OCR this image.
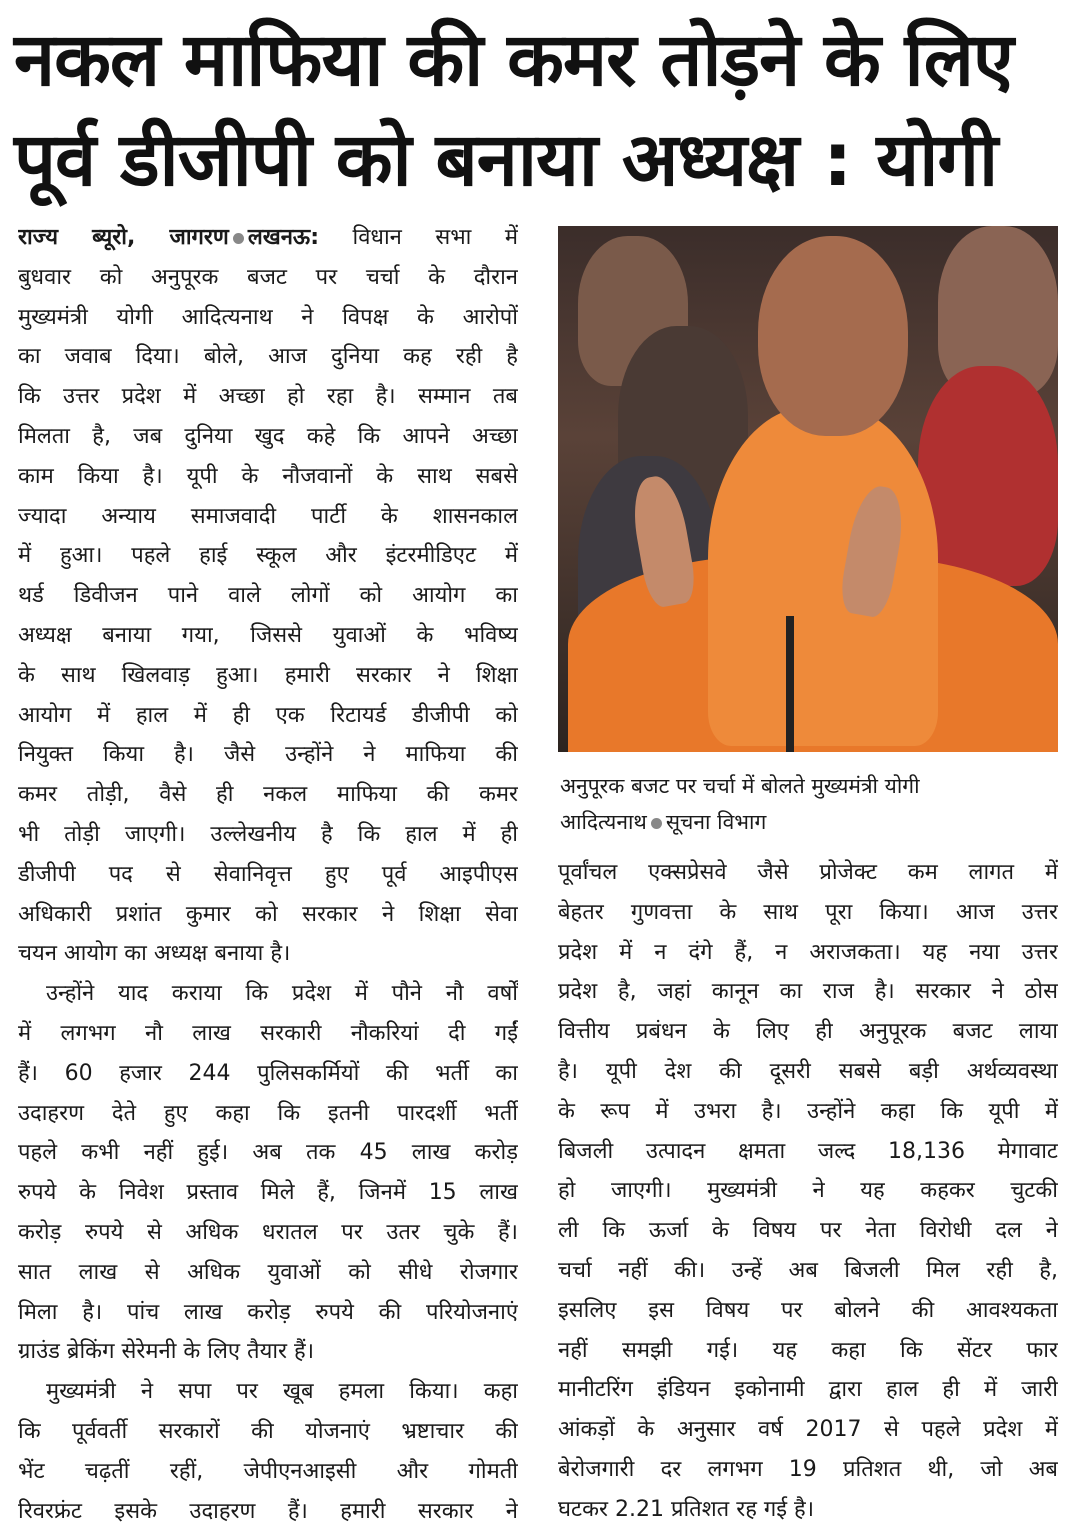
नकल माफिया की कमर तोड़ने के लिए
पूर्व डीजीपी को बनाया अध्यक्ष : योगी
राज्य ब्यूरो, जागरण लखनऊ: विधान सभा में
बुधवार को अनुपूरक बजट पर चर्चा के दौरान
मुख्यमंत्री योगी आदित्यनाथ ने विपक्ष के आरोपों
का जवाब दिया। बोले, आज दुनिया कह रही है
कि उत्तर प्रदेश में अच्छा हो रहा है। सम्मान तब
मिलता है, जब दुनिया खुद कहे कि आपने अच्छा
काम किया है। यूपी के नौजवानों के साथ सबसे
ज्यादा अन्याय समाजवादी पार्टी के शासनकाल
में हुआ। पहले हाई स्कूल और इंटरमीडिएट में
थर्ड डिवीजन पाने वाले लोगों को आयोग का
अध्यक्ष बनाया गया, जिससे युवाओं के भविष्य
के साथ खिलवाड़ हुआ। हमारी सरकार ने शिक्षा
आयोग में हाल में ही एक रिटायर्ड डीजीपी को
नियुक्त किया है। जैसे उन्होंने ने माफिया की
कमर तोड़ी, वैसे ही नकल माफिया की कमर
भी तोड़ी जाएगी। उल्लेखनीय है कि हाल में ही
डीजीपी पद से सेवानिवृत्त हुए पूर्व आइपीएस
अधिकारी प्रशांत कुमार को सरकार ने शिक्षा सेवा
चयन आयोग का अध्यक्ष बनाया है।
उन्होंने याद कराया कि प्रदेश में पौने नौ वर्षों
में लगभग नौ लाख सरकारी नौकरियां दी गईं
हैं। 60 हजार 244 पुलिसकर्मियों की भर्ती का
उदाहरण देते हुए कहा कि इतनी पारदर्शी भर्ती
पहले कभी नहीं हुई। अब तक 45 लाख करोड़
रुपये के निवेश प्रस्ताव मिले हैं, जिनमें 15 लाख
करोड़ रुपये से अधिक धरातल पर उतर चुके हैं।
सात लाख से अधिक युवाओं को सीधे रोजगार
मिला है। पांच लाख करोड़ रुपये की परियोजनाएं
ग्राउंड ब्रेकिंग सेरेमनी के लिए तैयार हैं।
मुख्यमंत्री ने सपा पर खूब हमला किया। कहा
कि पूर्ववर्ती सरकारों की योजनाएं भ्रष्टाचार की
भेंट चढ़तीं रहीं, जेपीएनआइसी और गोमती
रिवरफ्रंट इसके उदाहरण हैं। हमारी सरकार ने
अनुपूरक बजट पर चर्चा में बोलते मुख्यमंत्री योगी
आदित्यनाथ सूचना विभाग
पूर्वांचल एक्सप्रेसवे जैसे प्रोजेक्ट कम लागत में
बेहतर गुणवत्ता के साथ पूरा किया। आज उत्तर
प्रदेश में न दंगे हैं, न अराजकता। यह नया उत्तर
प्रदेश है, जहां कानून का राज है। सरकार ने ठोस
वित्तीय प्रबंधन के लिए ही अनुपूरक बजट लाया
है। यूपी देश की दूसरी सबसे बड़ी अर्थव्यवस्था
के रूप में उभरा है। उन्होंने कहा कि यूपी में
बिजली उत्पादन क्षमता जल्द 18,136 मेगावाट
हो जाएगी। मुख्यमंत्री ने यह कहकर चुटकी
ली कि ऊर्जा के विषय पर नेता विरोधी दल ने
चर्चा नहीं की। उन्हें अब बिजली मिल रही है,
इसलिए इस विषय पर बोलने की आवश्यकता
नहीं समझी गई। यह कहा कि सेंटर फार
मानीटरिंग इंडियन इकोनामी द्वारा हाल ही में जारी
आंकड़ों के अनुसार वर्ष 2017 से पहले प्रदेश में
बेरोजगारी दर लगभग 19 प्रतिशत थी, जो अब
घटकर 2.21 प्रतिशत रह गई है।
